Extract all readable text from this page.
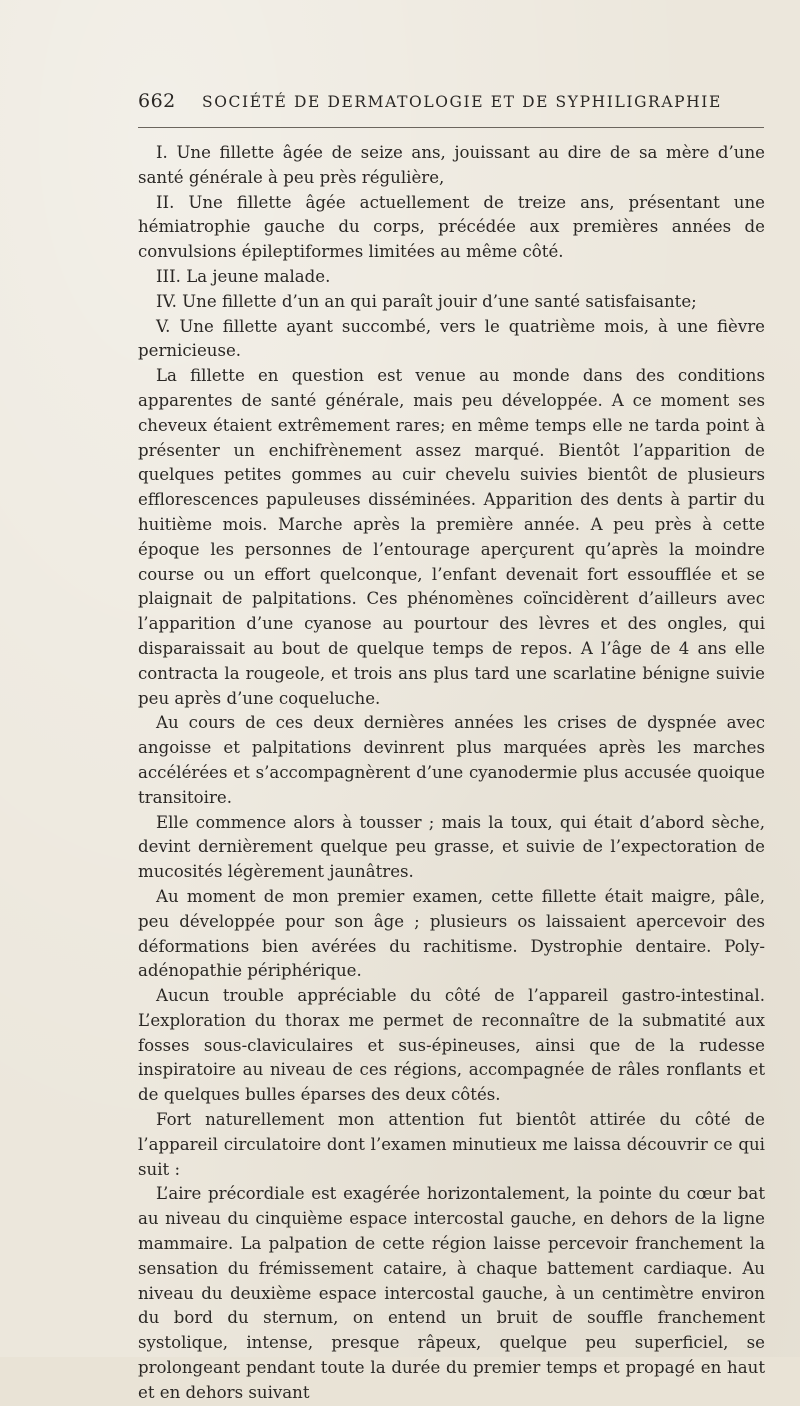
662 SOCIÉTÉ DE DERMATOLOGIE ET DE SYPHILIGRAPHIE

I. Une fillette âgée de seize ans, jouissant au dire de sa mère d’une santé générale à peu près régulière,

II. Une fillette âgée actuellement de treize ans, présentant une hémiatrophie gauche du corps, précédée aux premières années de convulsions épileptiformes limitées au même côté.

III. La jeune malade.

IV. Une fillette d’un an qui paraît jouir d’une santé satisfaisante;

V. Une fillette ayant succombé, vers le quatrième mois, à une fièvre pernicieuse.

La fillette en question est venue au monde dans des conditions apparentes de santé générale, mais peu développée. A ce moment ses cheveux étaient extrêmement rares; en même temps elle ne tarda point à présenter un enchifrènement assez marqué. Bientôt l’apparition de quelques petites gommes au cuir chevelu suivies bientôt de plusieurs efflorescences papuleuses disséminées. Apparition des dents à partir du huitième mois. Marche après la première année. A peu près à cette époque les personnes de l’entourage aperçurent qu’après la moindre course ou un effort quelconque, l’enfant devenait fort essoufflée et se plaignait de palpitations. Ces phénomènes coïncidèrent d’ailleurs avec l’apparition d’une cyanose au pourtour des lèvres et des ongles, qui disparaissait au bout de quelque temps de repos. A l’âge de 4 ans elle contracta la rougeole, et trois ans plus tard une scarlatine bénigne suivie peu après d’une coqueluche.

Au cours de ces deux dernières années les crises de dyspnée avec angoisse et palpitations devinrent plus marquées après les marches accélérées et s’accompagnèrent d’une cyanodermie plus accusée quoique transitoire.

Elle commence alors à tousser ; mais la toux, qui était d’abord sèche, devint dernièrement quelque peu grasse, et suivie de l’expectoration de mucosités légèrement jaunâtres.

Au moment de mon premier examen, cette fillette était maigre, pâle, peu développée pour son âge ; plusieurs os laissaient apercevoir des déformations bien avérées du rachitisme. Dystrophie dentaire. Poly-adénopathie périphérique.

Aucun trouble appréciable du côté de l’appareil gastro-intestinal. L’exploration du thorax me permet de reconnaître de la submatité aux fosses sous-claviculaires et sus-épineuses, ainsi que de la rudesse inspiratoire au niveau de ces régions, accompagnée de râles ronflants et de quelques bulles éparses des deux côtés.

Fort naturellement mon attention fut bientôt attirée du côté de l’appareil circulatoire dont l’examen minutieux me laissa découvrir ce qui suit :

L’aire précordiale est exagérée horizontalement, la pointe du cœur bat au niveau du cinquième espace intercostal gauche, en dehors de la ligne mammaire. La palpation de cette région laisse percevoir franchement la sensation du frémissement cataire, à chaque battement cardiaque. Au niveau du deuxième espace intercostal gauche, à un centimètre environ du bord du sternum, on entend un bruit de souffle franchement systolique, intense, presque râpeux, quelque peu superficiel, se prolongeant pendant toute la durée du premier temps et propagé en haut et en dehors suivant
